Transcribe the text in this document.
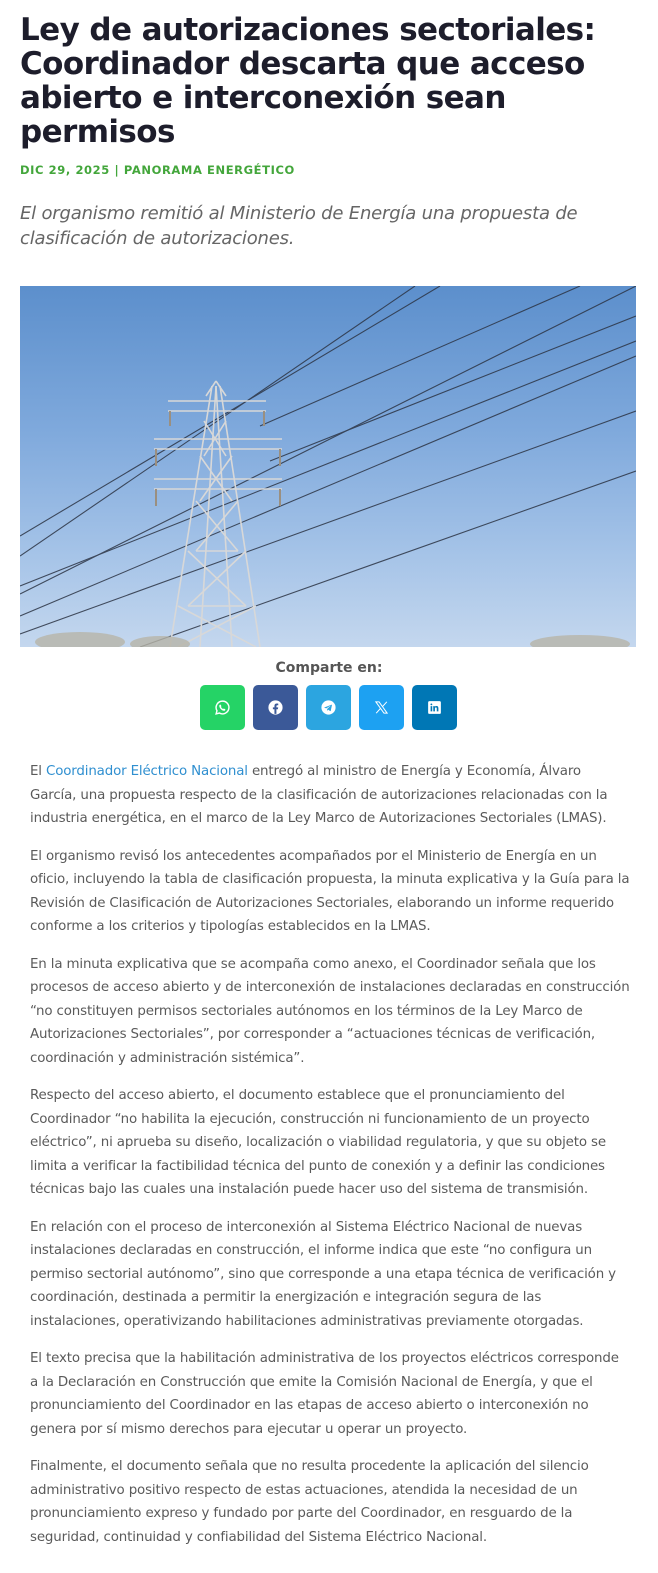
Ley de autorizaciones sectoriales: Coordinador descarta que acceso abierto e interconexión sean permisos
DIC 29, 2025 | PANORAMA ENERGÉTICO
El organismo remitió al Ministerio de Energía una propuesta de clasificación de autorizaciones.
Comparte en:

El Coordinador Eléctrico Nacional entregó al ministro de Energía y Economía, Álvaro García, una propuesta respecto de la clasificación de autorizaciones relacionadas con la industria energética, en el marco de la Ley Marco de Autorizaciones Sectoriales (LMAS).

El organismo revisó los antecedentes acompañados por el Ministerio de Energía en un oficio, incluyendo la tabla de clasificación propuesta, la minuta explicativa y la Guía para la Revisión de Clasificación de Autorizaciones Sectoriales, elaborando un informe requerido conforme a los criterios y tipologías establecidos en la LMAS.

En la minuta explicativa que se acompaña como anexo, el Coordinador señala que los procesos de acceso abierto y de interconexión de instalaciones declaradas en construcción “no constituyen permisos sectoriales autónomos en los términos de la Ley Marco de Autorizaciones Sectoriales”, por corresponder a “actuaciones técnicas de verificación, coordinación y administración sistémica”.

Respecto del acceso abierto, el documento establece que el pronunciamiento del Coordinador “no habilita la ejecución, construcción ni funcionamiento de un proyecto eléctrico”, ni aprueba su diseño, localización o viabilidad regulatoria, y que su objeto se limita a verificar la factibilidad técnica del punto de conexión y a definir las condiciones técnicas bajo las cuales una instalación puede hacer uso del sistema de transmisión.

En relación con el proceso de interconexión al Sistema Eléctrico Nacional de nuevas instalaciones declaradas en construcción, el informe indica que este “no configura un permiso sectorial autónomo”, sino que corresponde a una etapa técnica de verificación y coordinación, destinada a permitir la energización e integración segura de las instalaciones, operativizando habilitaciones administrativas previamente otorgadas.

El texto precisa que la habilitación administrativa de los proyectos eléctricos corresponde a la Declaración en Construcción que emite la Comisión Nacional de Energía, y que el pronunciamiento del Coordinador en las etapas de acceso abierto o interconexión no genera por sí mismo derechos para ejecutar u operar un proyecto.

Finalmente, el documento señala que no resulta procedente la aplicación del silencio administrativo positivo respecto de estas actuaciones, atendida la necesidad de un pronunciamiento expreso y fundado por parte del Coordinador, en resguardo de la seguridad, continuidad y confiabilidad del Sistema Eléctrico Nacional.
